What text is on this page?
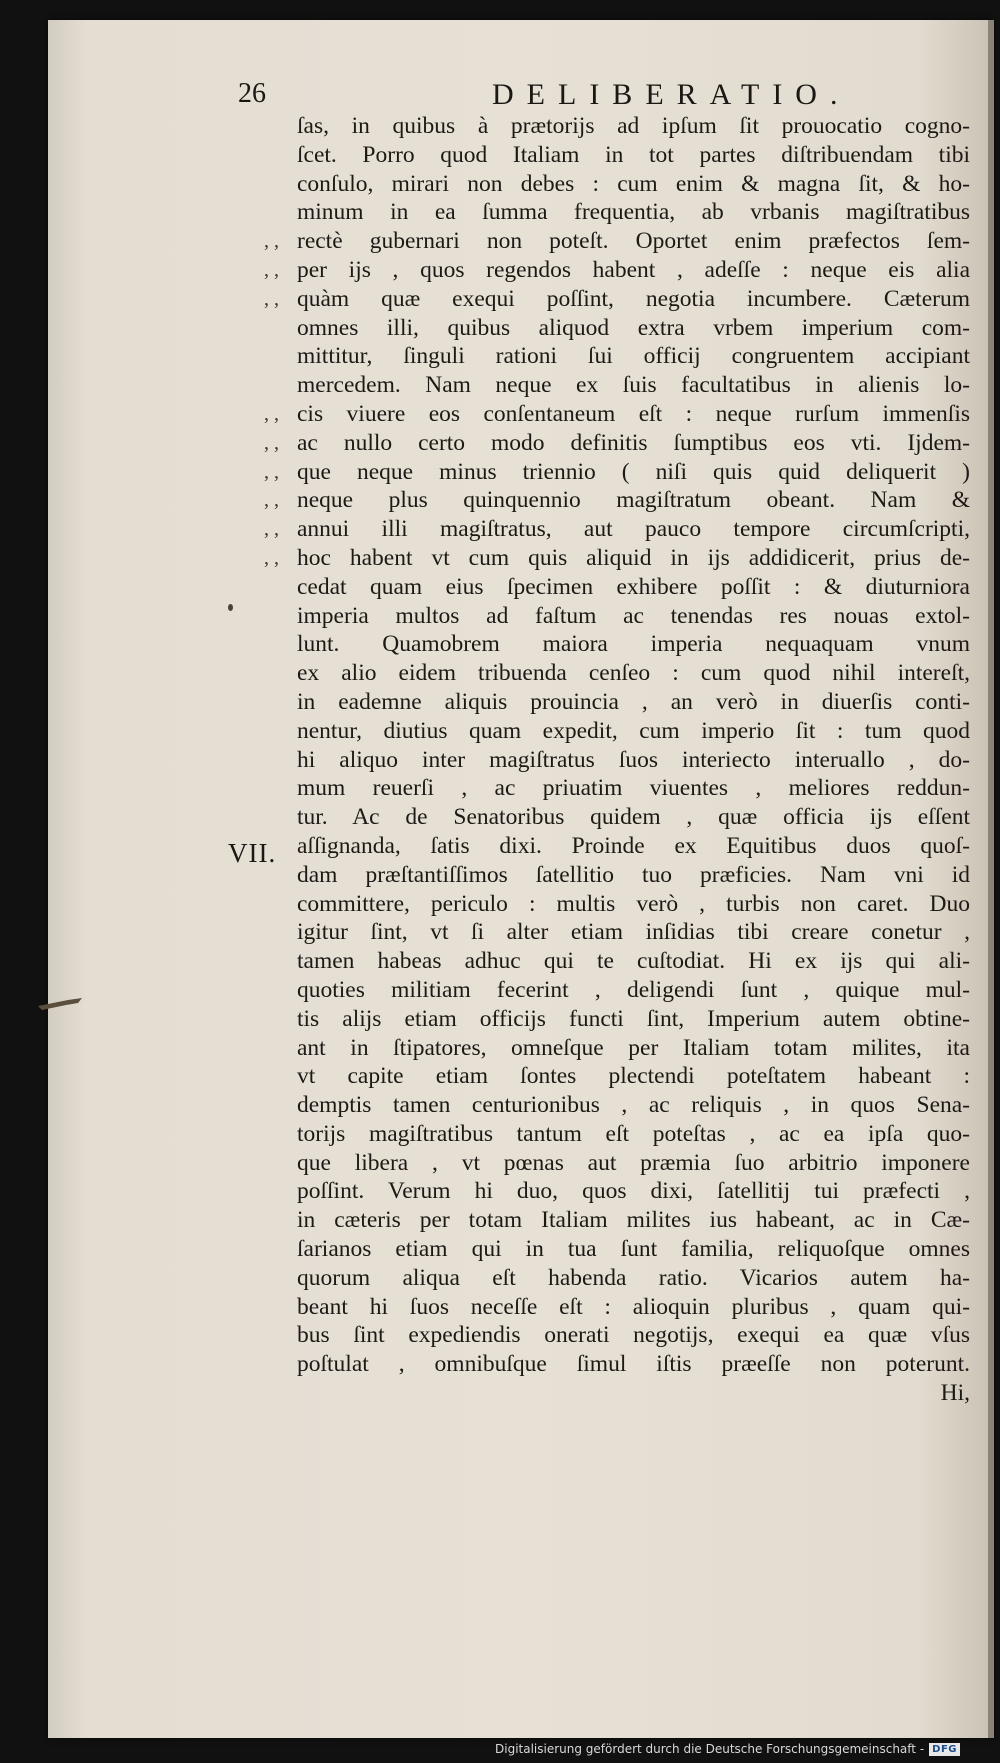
26	DELIBERATIO.
VII.
ſas, in quibus à prætorijs ad ipſum ſit prouocatio cogno-
ſcet. Porro quod Italiam in tot partes diſtribuendam tibi
conſulo, mirari non debes : cum enim & magna ſit, & ho-
minum in ea ſumma frequentia, ab vrbanis magiſtratibus
, , rectè gubernari non poteſt. Oportet enim præfectos ſem-
, , per ijs , quos regendos habent , adeſſe : neque eis alia
, , quàm quæ exequi poſſint, negotia incumbere. Cæterum
omnes illi, quibus aliquod extra vrbem imperium com-
mittitur, ſinguli rationi ſui officij congruentem accipiant
mercedem. Nam neque ex ſuis facultatibus in alienis lo-
, , cis viuere eos conſentaneum eſt : neque rurſum immenſis
, , ac nullo certo modo definitis ſumptibus eos vti. Ijdem-
, , que neque minus triennio ( niſi quis quid deliquerit )
, , neque plus quinquennio magiſtratum obeant. Nam &
, , annui illi magiſtratus, aut pauco tempore circumſcripti,
, , hoc habent vt cum quis aliquid in ijs addidicerit, prius de-
cedat quam eius ſpecimen exhibere poſſit : & diuturniora
imperia multos ad faſtum ac tenendas res nouas extol-
lunt. Quamobrem maiora imperia nequaquam vnum
ex alio eidem tribuenda cenſeo : cum quod nihil intereſt,
in eademne aliquis prouincia , an verò in diuerſis conti-
nentur, diutius quam expedit, cum imperio ſit : tum quod
hi aliquo inter magiſtratus ſuos interiecto interuallo , do-
mum reuerſi , ac priuatim viuentes , meliores reddun-
tur. Ac de Senatoribus quidem , quæ officia ijs eſſent
aſſignanda, ſatis dixi. Proinde ex Equitibus duos quoſ-
dam præſtantiſſimos ſatellitio tuo præficies. Nam vni id
committere, periculo : multis verò , turbis non caret. Duo
igitur ſint, vt ſi alter etiam inſidias tibi creare conetur ,
tamen habeas adhuc qui te cuſtodiat. Hi ex ijs qui ali-
quoties militiam fecerint , deligendi ſunt , quique mul-
tis alijs etiam officijs functi ſint, Imperium autem obtine-
ant in ſtipatores, omneſque per Italiam totam milites, ita
vt capite etiam ſontes plectendi poteſtatem habeant :
demptis tamen centurionibus , ac reliquis , in quos Sena-
torijs magiſtratibus tantum eſt poteſtas , ac ea ipſa quo-
que libera , vt pœnas aut præmia ſuo arbitrio imponere
poſſint. Verum hi duo, quos dixi, ſatellitij tui præfecti ,
in cæteris per totam Italiam milites ius habeant, ac in Cæ-
ſarianos etiam qui in tua ſunt familia, reliquoſque omnes
quorum aliqua eſt habenda ratio. Vicarios autem ha-
beant hi ſuos neceſſe eſt : alioquin pluribus , quam qui-
bus ſint expediendis onerati negotijs, exequi ea quæ vſus
poſtulat , omnibuſque ſimul iſtis præeſſe non poterunt.
Hi,
Digitalisierung gefördert durch die Deutsche Forschungsgemeinschaft - DFG
